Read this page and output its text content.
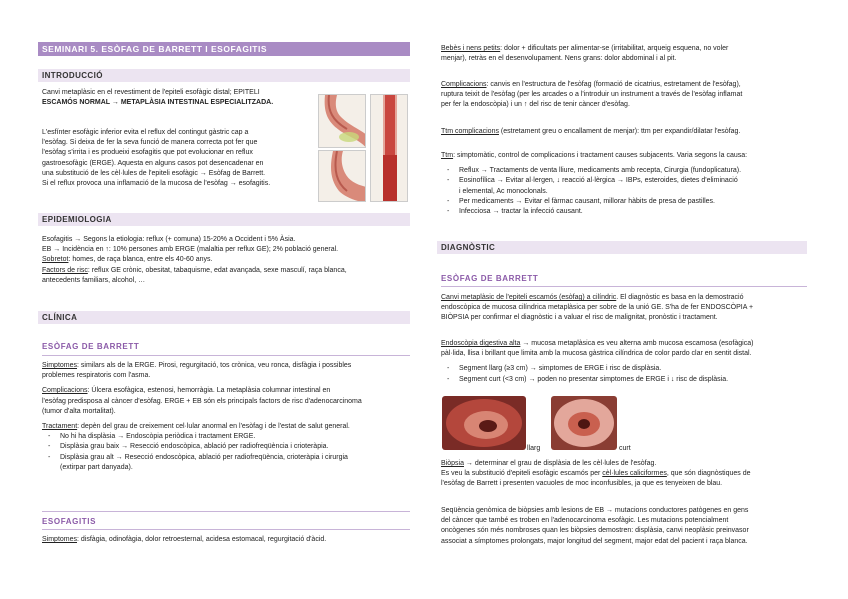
SEMINARI 5. ESÒFAG DE BARRETT I ESOFAGITIS
INTRODUCCIÓ
Canvi metaplàsic en el revestiment de l'epiteli esofàgic distal; EPITELI
ESCAMÓS NORMAL → METAPLÀSIA INTESTINAL ESPECIALITZADA.
L'esfínter esofàgic inferior evita el reflux del contingut gàstric cap a
l'esòfag. Si deixa de fer la seva funció de manera correcta pot fer que
l'esòfag s'irrita i es produeixi esofagitis que pot evolucionar en reflux
gastroesofàgic (ERGE). Aquesta en alguns casos pot desencadenar en
una substitució de les cèl·lules de l'epiteli esofàgic → Esòfag de Barrett.
Si el reflux provoca una inflamació de la mucosa de l'esòfag → esofagitis.
EPIDEMIOLOGIA
Esofagitis → Segons la etiologia: reflux (+ comuna) 15-20% a Occident i 5% Àsia.
EB → Incidència en ↑: 10% persones amb ERGE (malaltia per reflux GE); 2% població general.
Sobretot: homes, de raça blanca, entre els 40-60 anys.
Factors de risc: reflux GE crònic, obesitat, tabaquisme, edat avançada, sexe masculí, raça blanca,
antecedents familiars, alcohol, …
CLÍNICA
ESÒFAG DE BARRETT
Simptomes: similars als de la ERGE. Pirosi, regurgitació, tos crònica, veu ronca, disfàgia i possibles
problemes respiratoris com l'asma.
Complicacions: Úlcera esofàgica, estenosi, hemorràgia. La metaplàsia columnar intestinal en
l'esòfag predisposa al càncer d'esòfag. ERGE + EB són els principals factors de risc d'adenocarcinoma
(tumor d'alta mortalitat).
Tractament: depèn del grau de creixement cel·lular anormal en l'esòfag i de l'estat de salut general.
- No hi ha displàsia → Endoscòpia periòdica i tractament ERGE.
- Displàsia grau baix → Resecció endoscòpica, ablació per radiofreqüència i crioteràpia.
- Displàsia grau alt → Resecció endoscòpica, ablació per radiofreqüència, crioteràpia i cirurgia
(extirpar part danyada).
ESOFAGITIS
Simptomes: disfàgia, odinofàgia, dolor retroesternal, acidesa estomacal, regurgitació d'àcid.
Bebès i nens petits: dolor + dificultats per alimentar-se (irritabilitat, arqueig esquena, no voler
menjar), retràs en el desenvolupament. Nens grans: dolor abdominal i al pit.
Complicacions: canvis en l'estructura de l'esòfag (formació de cicatrius, estretament de l'esòfag),
ruptura teixit de l'esòfag (per les arcades o a l'introduir un instrument a través de l'esòfag inflamat
per fer la endoscòpia) i un ↑ del risc de tenir càncer d'esòfag.
Ttm complicacions (estretament greu o encallament de menjar): ttm per expandir/dilatar l'esòfag.
Ttm: simptomàtic, control de complicacions i tractament causes subjacents. Varia segons la causa:
- Reflux → Tractaments de venta lliure, medicaments amb recepta, Cirurgia (fundoplicatura).
- Eosinofílica → Evitar al·lergen, ↓ reacció al·lèrgica → IBPs, esteroides, dietes d'eliminació
i elemental, Ac monoclonals.
- Per medicaments → Evitar el fàrmac causant, millorar hàbits de presa de pastilles.
- Infecciosa → tractar la infecció causant.
DIAGNÒSTIC
ESÒFAG DE BARRETT
Canvi metaplàsic de l'epiteli escamós (esòfag) a cilíndric. El diagnòstic es basa en la demostració
endoscòpica de mucosa cilíndrica metaplàsica per sobre de la unió GE. S'ha de fer ENDOSCÒPIA +
BIÒPSIA per confirmar el diagnòstic i a valuar el risc de malignitat, pronòstic i tractament.
Endoscòpia digestiva alta → mucosa metaplàsica es veu alterna amb mucosa escamosa (esofàgica)
pàl·lida, llisa i brillant que limita amb la mucosa gàstrica cilíndrica de color pardo clar en sentit distal.
- Segment llarg (≥3 cm) → simptomes de ERGE i risc de displàsia.
- Segment curt (<3 cm) → poden no presentar simptomes de ERGE i ↓ risc de displàsia.
llarg	curt
Biòpsia → determinar el grau de displàsia de les cèl·lules de l'esòfag.
Es veu la substitució d'epiteli esofàgic escamós per cèl·lules caliciformes, que són diagnòstiques de
l'esòfag de Barrett i presenten vacuoles de moc inconfusibles, ja que es tenyeixen de blau.
Seqüència genòmica de biòpsies amb lesions de EB → mutacions conductores patògenes en gens
del càncer que també es troben en l'adenocarcinoma esofàgic. Les mutacions potencialment
oncògenes són més nombroses quan les biòpsies demostren: displàsia, canvi neoplàsic preinvasor
associat a símptomes prolongats, major longitud del segment, major edat del pacient i raça blanca.
